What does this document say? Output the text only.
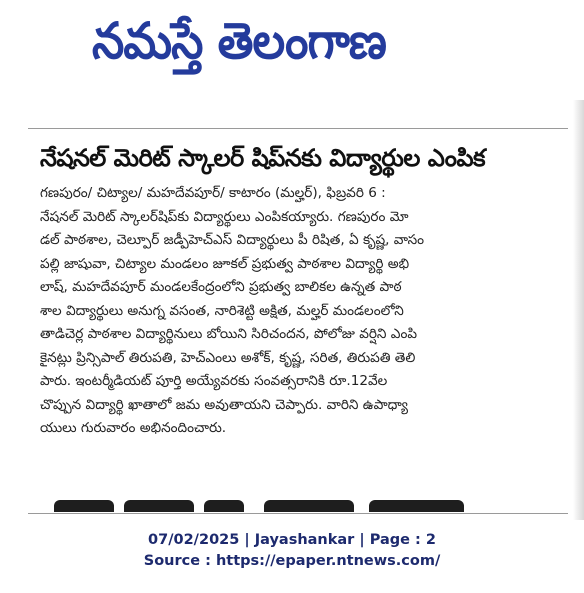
నమస్తే తెలంగాణ
నేషనల్ మెరిట్ స్కాలర్ షిప్‌నకు విద్యార్థుల ఎంపిక
గణపురం/ చిట్యాల/ మహదేవపూర్/ కాటారం (మల్హర్), ఫిబ్రవరి 6 :
నేషనల్ మెరిట్ స్కాలర్‌షిప్‌కు విద్యార్థులు ఎంపికయ్యారు. గణపురం మో
డల్ పాఠశాల, చెల్పూర్ జడ్పీహెచ్ఎస్ విద్యార్థులు పీ రిషిత, ఏ కృష్ణ, వాసం
పల్లి జాషువా, చిట్యాల మండలం జూకల్ ప్రభుత్వ పాఠశాల విద్యార్థి అభి
లాష్, మహదేవపూర్ మండలకేంద్రంలోని ప్రభుత్వ బాలికల ఉన్నత పాఠ
శాల విద్యార్థులు అనుగ్న వసంత, నారిశెట్టి అక్షిత, మల్హర్ మండలంలోని
తాడిచెర్ల పాఠశాల విద్యార్థినులు బోయిని సిరిచందన, పోలోజు వర్షిని ఎంపి
కైనట్లు ప్రిన్సిపాల్ తిరుపతి, హెచ్ఎంలు అశోక్, కృష్ణ, సరిత, తిరుపతి తెలి
పారు. ఇంటర్మీడియట్ పూర్తి అయ్యేవరకు సంవత్సరానికి రూ.12వేల
చొప్పున విద్యార్థి ఖాతాలో జమ అవుతాయని చెప్పారు. వారిని ఉపాధ్యా
యులు గురువారం అభినందించారు.
07/02/2025 | Jayashankar | Page : 2
Source : https://epaper.ntnews.com/
